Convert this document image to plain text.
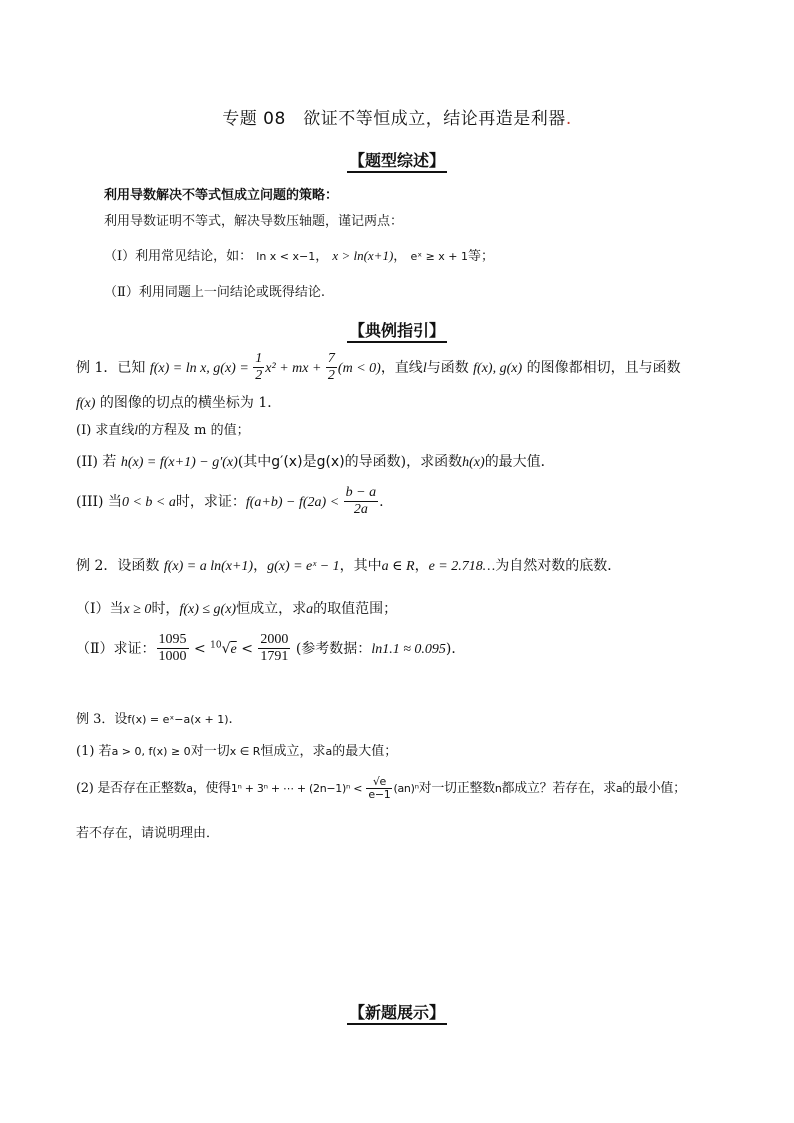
专题 08　欲证不等恒成立，结论再造是利器.
【题型综述】
利用导数解决不等式恒成立问题的策略：
利用导数证明不等式，解决导数压轴题，谨记两点：
（Ⅰ）利用常见结论，如： ln x < x−1， x > ln(x+1)， eˣ ≥ x + 1等；
（Ⅱ）利用同题上一问结论或既得结论.
【典例指引】
例 1．已知 f(x) = ln x, $g(x) = \frac{1}{2} x^2$ + mx + $\frac{7}{2} (m < 0)$，直线l与函数 f(x), g(x) 的图像都相切，且与函数
f(x) 的图像的切点的横坐标为 1．
(I) 求直线l的方程及 m 的值；
(II) 若 h(x) = f(x+1) − g′(x)(其中g′(x)是g(x)的导函数)，求函数h(x)的最大值．
(III) 当0 < b < a时，求证：$f(a+b) - f(2a) < \frac{b - a}{2a}$ .
例 2．设函数 f(x) = a ln(x+1)，g(x) = eˣ − 1，其中a ∈ R，e = 2.718…为自然对数的底数．
（Ⅰ）当x ≥ 0时，f(x) ≤ g(x)恒成立，求a的取值范围；
（Ⅱ）求证： $\frac{1095}{1000} < ^{10}√e < \frac{2000}{1791}$ (参考数据：ln1.1 ≈ 0.095)．
例 3．设f(x) = eˣ−a(x + 1).
(1) 若a > 0, f(x) ≥ 0对一切x ∈ R恒成立，求a的最大值；
(2) 是否存在正整数a，使得1ⁿ + 3ⁿ + ⋯ + $(2n-1)^n < \frac{√e}{e-1} (an)^n$对一切正整数n都成立？若存在，求a的最小值；
若不存在，请说明理由．
【新题展示】
